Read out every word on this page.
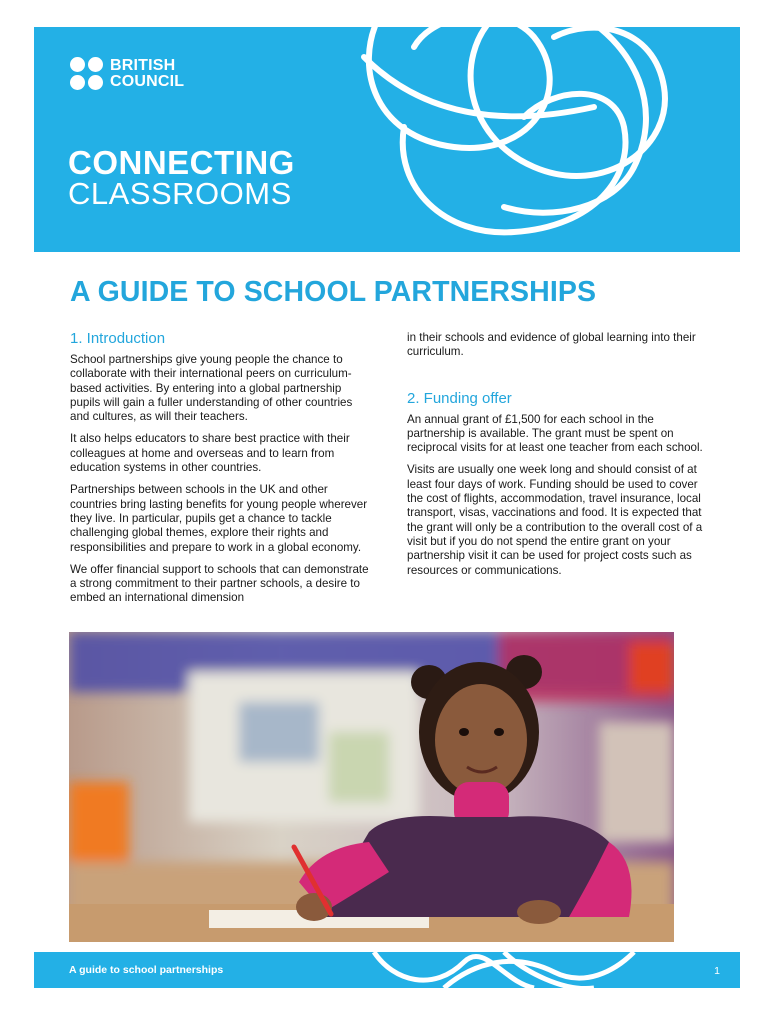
BRITISH
COUNCIL
CONNECTING
CLASSROOMS
A GUIDE TO SCHOOL PARTNERSHIPS
1. Introduction

School partnerships give young people the chance to collaborate with their international peers on curriculum-based activities. By entering into a global partnership pupils will gain a fuller understanding of other countries and cultures, as will their teachers.

It also helps educators to share best practice with their colleagues at home and overseas and to learn from education systems in other countries.

Partnerships between schools in the UK and other countries bring lasting benefits for young people wherever they live. In particular, pupils get a chance to tackle challenging global themes, explore their rights and responsibilities and prepare to work in a global economy.

We offer financial support to schools that can demonstrate a strong commitment to their partner schools, a desire to embed an international dimension

in their schools and evidence of global learning into their curriculum.

2. Funding offer

An annual grant of £1,500 for each school in the partnership is available. The grant must be spent on reciprocal visits for at least one teacher from each school.

Visits are usually one week long and should consist of at least four days of work. Funding should be used to cover the cost of flights, accommodation, travel insurance, local transport, visas, vaccinations and food. It is expected that the grant will only be a contribution to the overall cost of a visit but if you do not spend the entire grant on your partnership visit it can be used for project costs such as resources or communications.

A guide to school partnerships	1
